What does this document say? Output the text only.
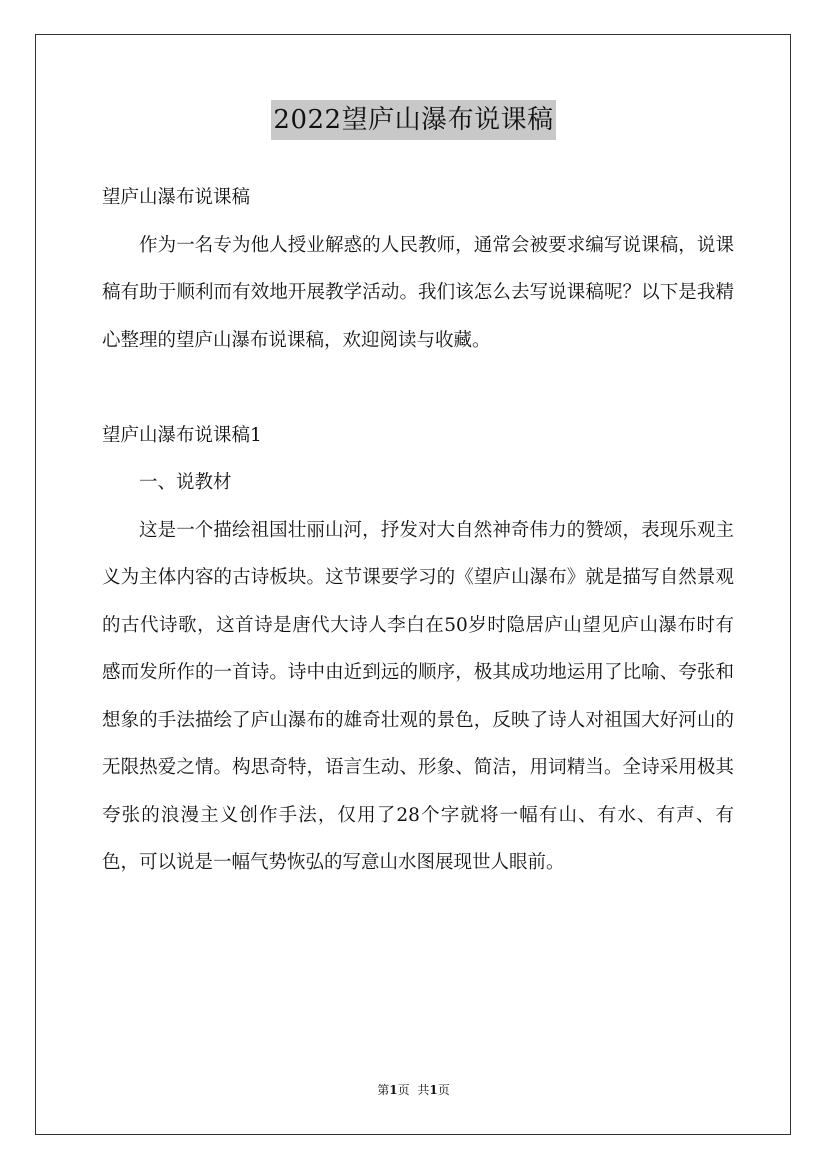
2022望庐山瀑布说课稿

望庐山瀑布说课稿

作为一名专为他人授业解惑的人民教师，通常会被要求编写说课稿，说课稿有助于顺利而有效地开展教学活动。我们该怎么去写说课稿呢？以下是我精心整理的望庐山瀑布说课稿，欢迎阅读与收藏。

望庐山瀑布说课稿1

一、说教材

这是一个描绘祖国壮丽山河，抒发对大自然神奇伟力的赞颂，表现乐观主义为主体内容的古诗板块。这节课要学习的《望庐山瀑布》就是描写自然景观的古代诗歌，这首诗是唐代大诗人李白在50岁时隐居庐山望见庐山瀑布时有感而发所作的一首诗。诗中由近到远的顺序，极其成功地运用了比喻、夸张和想象的手法描绘了庐山瀑布的雄奇壮观的景色，反映了诗人对祖国大好河山的无限热爱之情。构思奇特，语言生动、形象、简洁，用词精当。全诗采用极其夸张的浪漫主义创作手法，仅用了28个字就将一幅有山、有水、有声、有色，可以说是一幅气势恢弘的写意山水图展现世人眼前。

第1页 共1页
